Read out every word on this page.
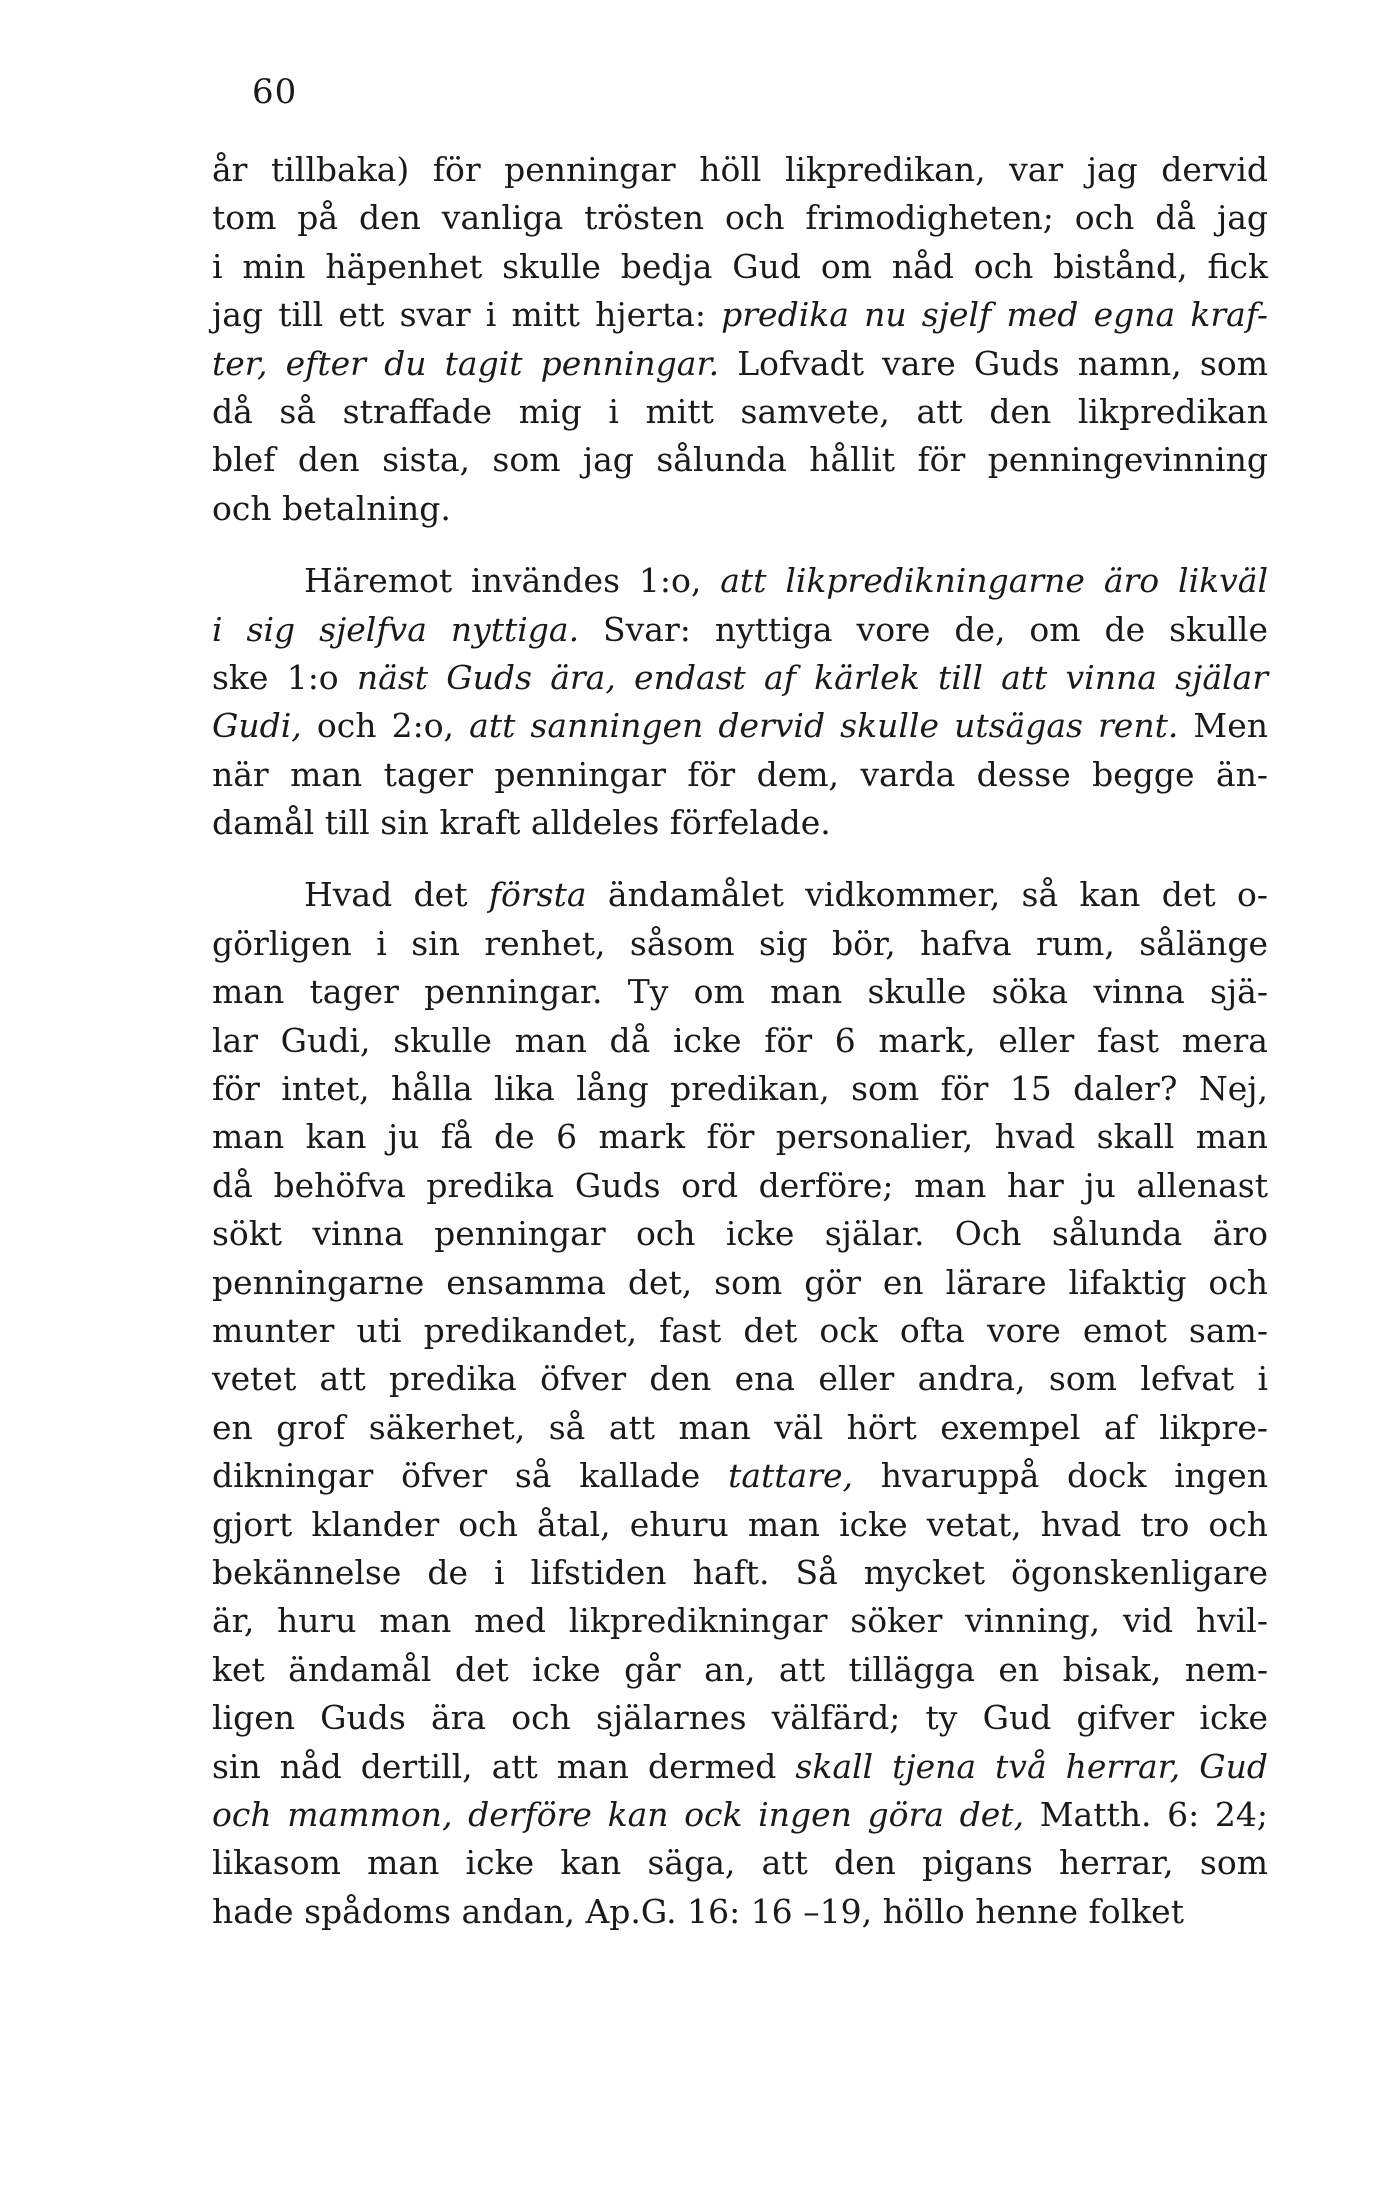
60
år tillbaka) för penningar höll likpredikan, var jag dervid
tom på den vanliga trösten och frimodigheten; och då jag
i min häpenhet skulle bedja Gud om nåd och bistånd, fick
jag till ett svar i mitt hjerta: predika nu sjelf med egna kraf-
ter, efter du tagit penningar. Lofvadt vare Guds namn, som
då så straffade mig i mitt samvete, att den likpredikan
blef den sista, som jag sålunda hållit för penningevinning
och betalning.
Häremot invändes 1:o, att likpredikningarne äro likväl
i sig sjelfva nyttiga. Svar: nyttiga vore de, om de skulle
ske 1:o näst Guds ära, endast af kärlek till att vinna själar
Gudi, och 2:o, att sanningen dervid skulle utsägas rent. Men
när man tager penningar för dem, varda desse begge än-
damål till sin kraft alldeles förfelade.
Hvad det första ändamålet vidkommer, så kan det o-
görligen i sin renhet, såsom sig bör, hafva rum, sålänge
man tager penningar. Ty om man skulle söka vinna sjä-
lar Gudi, skulle man då icke för 6 mark, eller fast mera
för intet, hålla lika lång predikan, som för 15 daler? Nej,
man kan ju få de 6 mark för personalier, hvad skall man
då behöfva predika Guds ord derföre; man har ju allenast
sökt vinna penningar och icke själar. Och sålunda äro
penningarne ensamma det, som gör en lärare lifaktig och
munter uti predikandet, fast det ock ofta vore emot sam-
vetet att predika öfver den ena eller andra, som lefvat i
en grof säkerhet, så att man väl hört exempel af likpre-
dikningar öfver så kallade tattare, hvaruppå dock ingen
gjort klander och åtal, ehuru man icke vetat, hvad tro och
bekännelse de i lifstiden haft. Så mycket ögonskenligare
är, huru man med likpredikningar söker vinning, vid hvil-
ket ändamål det icke går an, att tillägga en bisak, nem-
ligen Guds ära och själarnes välfärd; ty Gud gifver icke
sin nåd dertill, att man dermed skall tjena två herrar, Gud
och mammon, derföre kan ock ingen göra det, Matth. 6: 24;
likasom man icke kan säga, att den pigans herrar, som
hade spådoms andan, Ap.G. 16: 16 –19, höllo henne folket
